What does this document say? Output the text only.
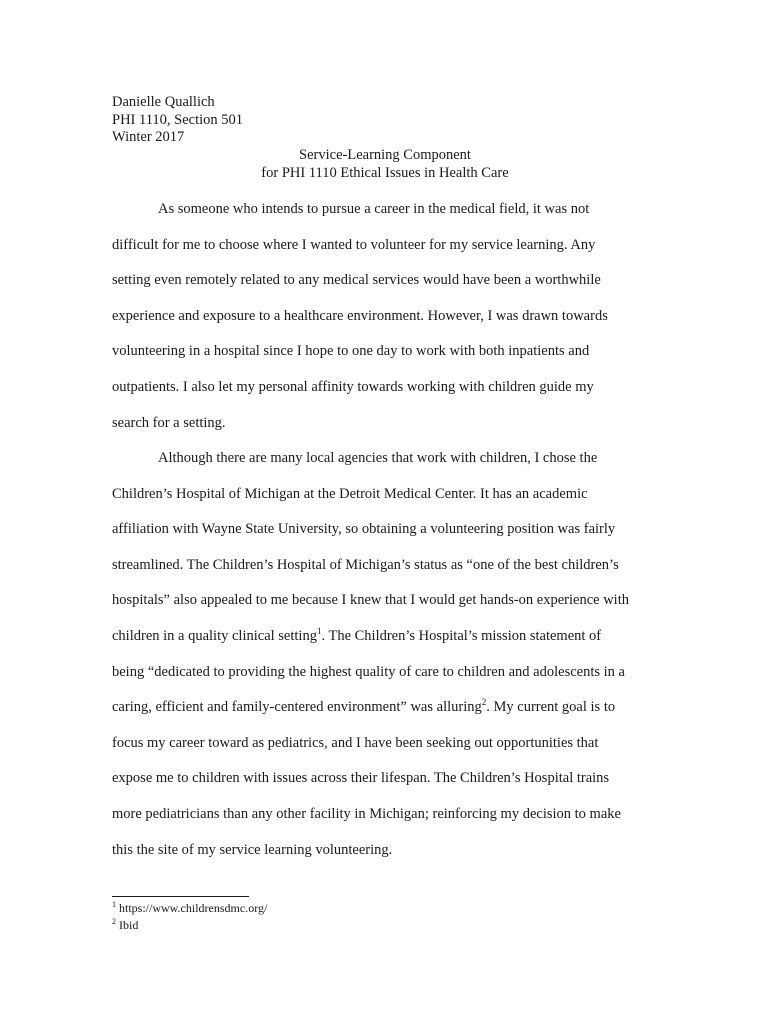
Danielle Quallich
PHI 1110, Section 501
Winter 2017
Service-Learning Component
for PHI 1110 Ethical Issues in Health Care

As someone who intends to pursue a career in the medical field, it was not difficult for me to choose where I wanted to volunteer for my service learning. Any setting even remotely related to any medical services would have been a worthwhile experience and exposure to a healthcare environment. However, I was drawn towards volunteering in a hospital since I hope to one day to work with both inpatients and outpatients. I also let my personal affinity towards working with children guide my search for a setting.

Although there are many local agencies that work with children, I chose the Children’s Hospital of Michigan at the Detroit Medical Center. It has an academic affiliation with Wayne State University, so obtaining a volunteering position was fairly streamlined. The Children’s Hospital of Michigan’s status as “one of the best children’s hospitals” also appealed to me because I knew that I would get hands-on experience with children in a quality clinical setting$^1$. The Children’s Hospital’s mission statement of being “dedicated to providing the highest quality of care to children and adolescents in a caring, efficient and family-centered environment” was alluring$^2$. My current goal is to focus my career toward as pediatrics, and I have been seeking out opportunities that expose me to children with issues across their lifespan. The Children’s Hospital trains more pediatricians than any other facility in Michigan; reinforcing my decision to make this the site of my service learning volunteering.

$^1$ https://www.childrensdmc.org/
$^2$ Ibid
